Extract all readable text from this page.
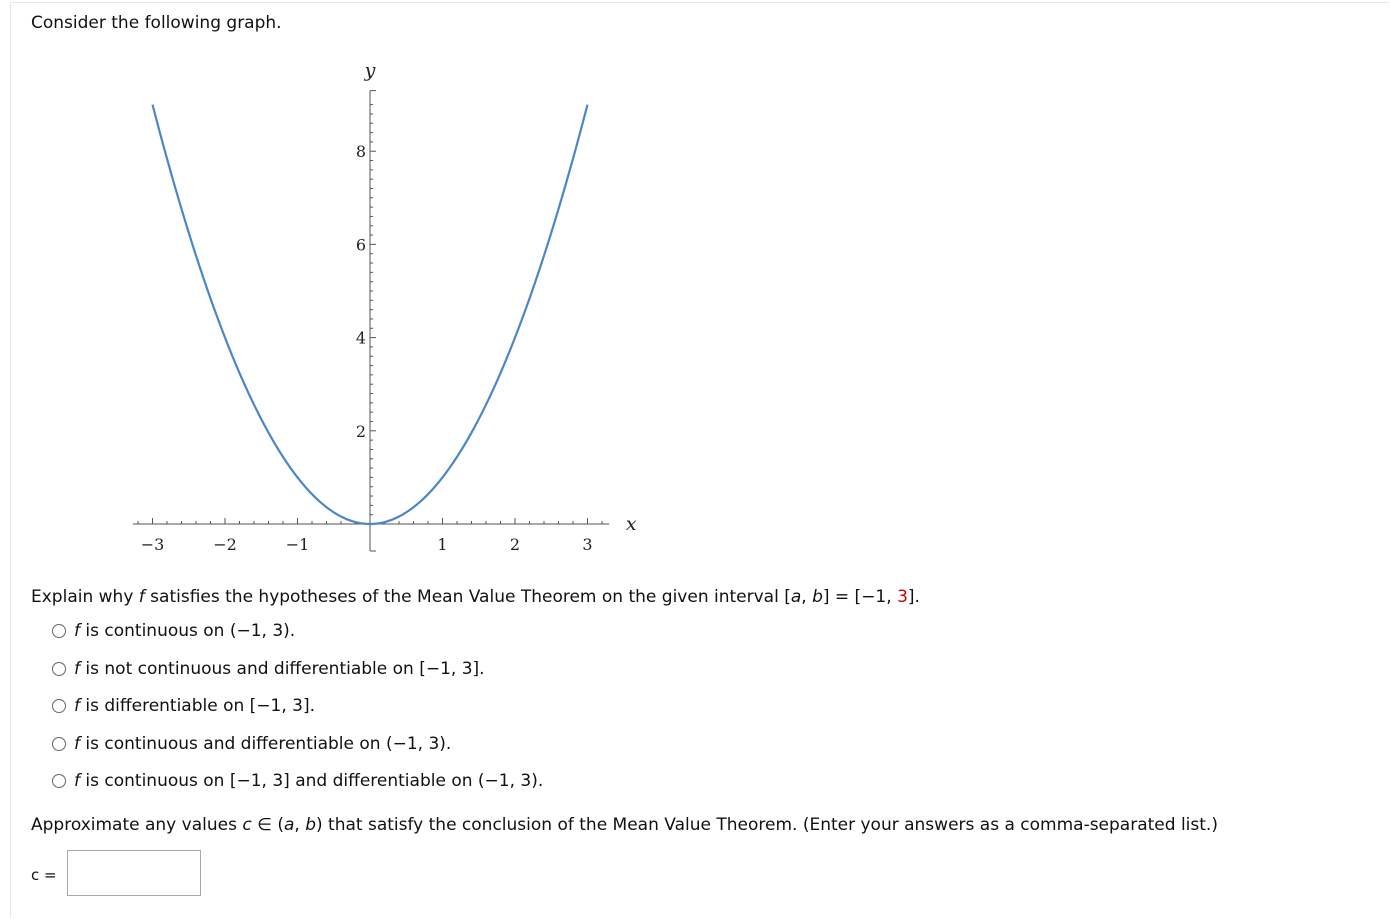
Consider the following graph.
−3	−2	−1	1	2	3
2
4
6
8
y
x
Explain why f satisfies the hypotheses of the Mean Value Theorem on the given interval [a, b] = [−1, 3].
f is continuous on (−1, 3).
f is not continuous and differentiable on [−1, 3].
f is differentiable on [−1, 3].
f is continuous and differentiable on (−1, 3).
f is continuous on [−1, 3] and differentiable on (−1, 3).
Approximate any values c ∈ (a, b) that satisfy the conclusion of the Mean Value Theorem. (Enter your answers as a comma-separated list.)
c =
